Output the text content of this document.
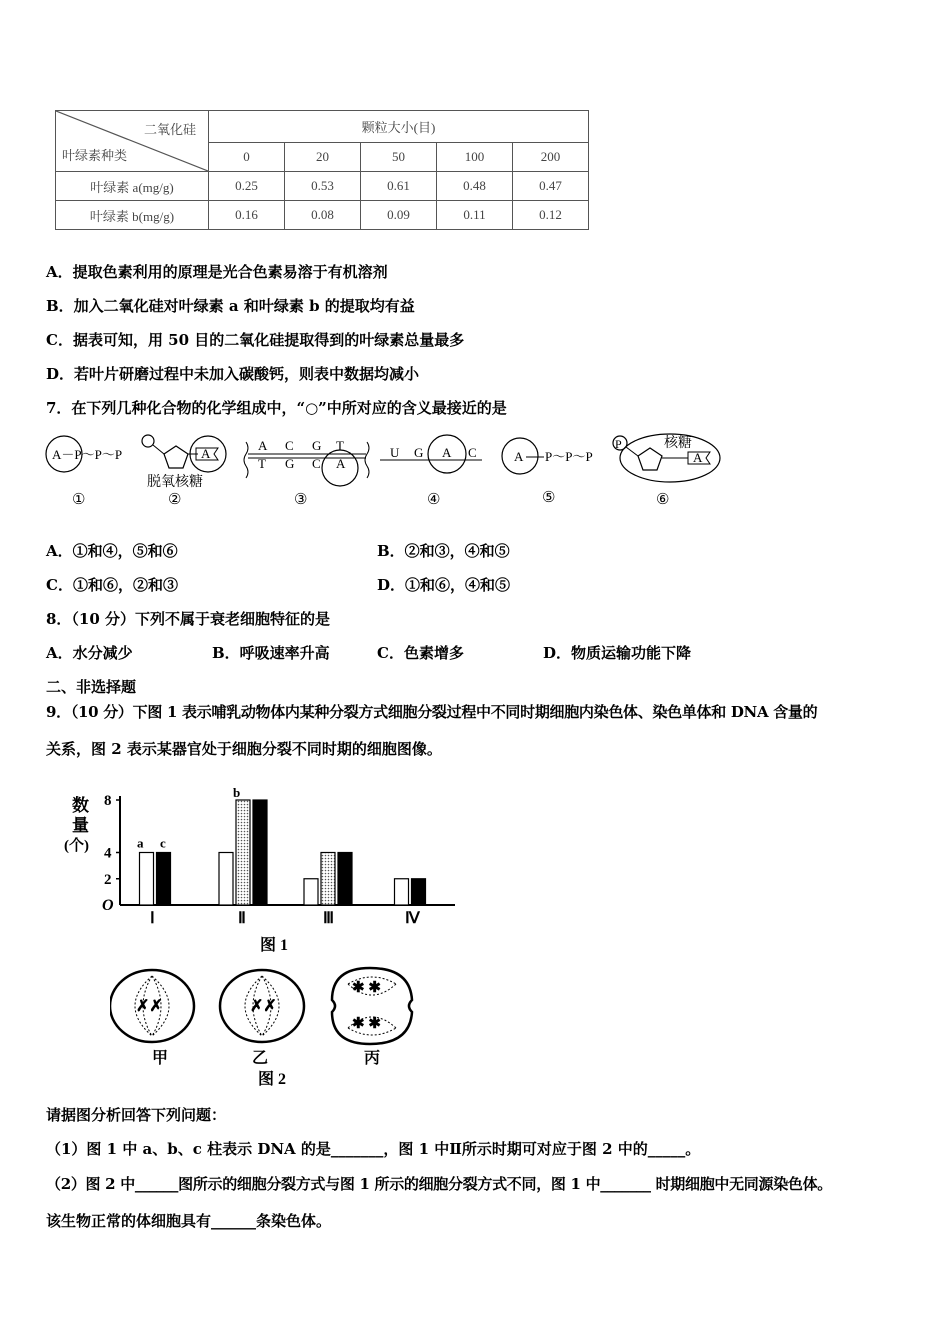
二氧化硅
叶绿素种类	颗粒大小(目)				
	0	20	50	100	200
叶绿素 a(mg/g)	0.25	0.53	0.61	0.48	0.47
叶绿素 b(mg/g)	0.16	0.08	0.09	0.11	0.12
A．提取色素利用的原理是光合色素易溶于有机溶剂
B．加入二氧化硅对叶绿素 a 和叶绿素 b 的提取均有益
C．据表可知，用 50 目的二氧化硅提取得到的叶绿素总量最多
D．若叶片研磨过程中未加入碳酸钙，则表中数据均减小
7．在下列几种化合物的化学组成中，“○”中所对应的含义最接近的是
A－P～P～P	A
脱氧核糖
A C G T
T G C A
U G A C	A P～P～P
P
A
核糖
①	②	③	④	⑤	⑥
A．①和④，⑤和⑥	B．②和③，④和⑤
C．①和⑥，②和③	D．①和⑥，④和⑤
8．（10 分）下列不属于衰老细胞特征的是
A．水分减少	B．呼吸速率升高	C．色素增多	D．物质运输功能下降
二、非选择题
9．（10 分）下图 1 表示哺乳动物体内某种分裂方式细胞分裂过程中不同时期细胞内染色体、染色单体和 DNA 含量的
关系，图 2 表示某器官处于细胞分裂不同时期的细胞图像。
数
量
(个)
O
2
4
8
Ⅰ	Ⅱ	Ⅲ	Ⅳ
a c
b
图 1
✗✗	✗✗
✱ ✱
✱ ✱
甲	乙	丙
图 2
请据图分析回答下列问题：
（1）图 1 中 a、b、c 柱表示 DNA 的是_______，图 1 中Ⅱ所示时期可对应于图 2 中的_____。
（2）图 2 中______图所示的细胞分裂方式与图 1 所示的细胞分裂方式不同，图 1 中_______ 时期细胞中无同源染色体。
该生物正常的体细胞具有______条染色体。
